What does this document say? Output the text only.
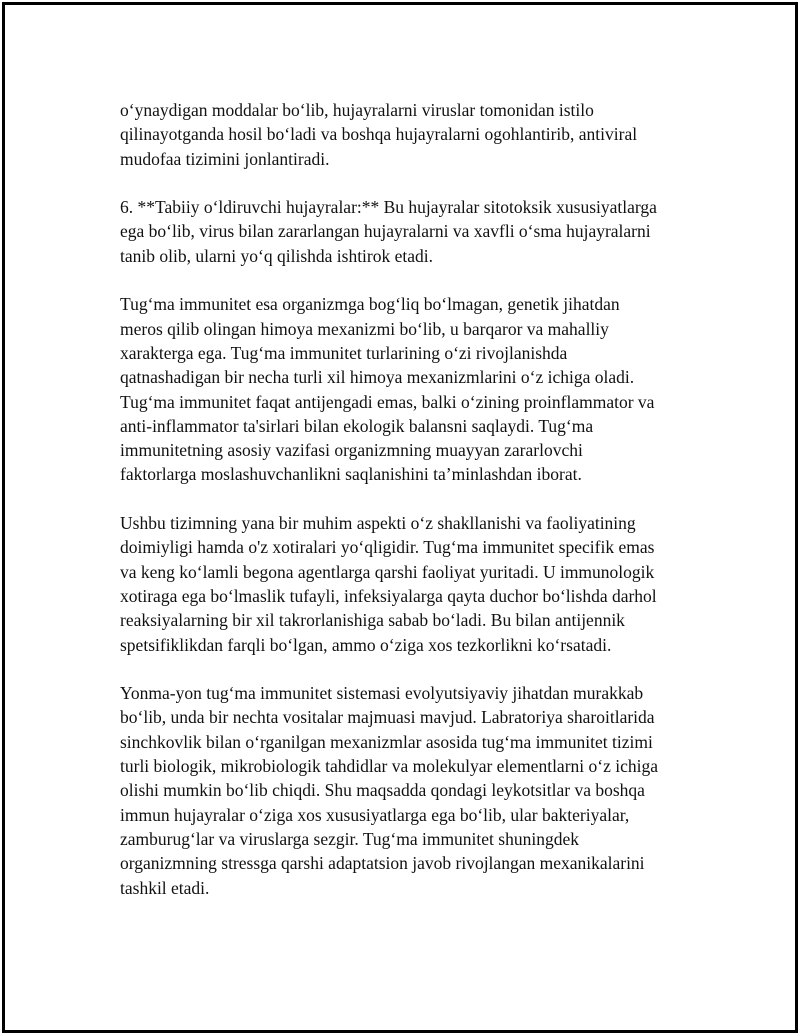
o‘ynaydigan moddalar bo‘lib, hujayralarni viruslar tomonidan istilo
qilinayotganda hosil bo‘ladi va boshqa hujayralarni ogohlantirib, antiviral
mudofaa tizimini jonlantiradi.

6. **Tabiiy o‘ldiruvchi hujayralar:** Bu hujayralar sitotoksik xususiyatlarga
ega bo‘lib, virus bilan zararlangan hujayralarni va xavfli o‘sma hujayralarni
tanib olib, ularni yo‘q qilishda ishtirok etadi.

Tug‘ma immunitet esa organizmga bog‘liq bo‘lmagan, genetik jihatdan
meros qilib olingan himoya mexanizmi bo‘lib, u barqaror va mahalliy
xarakterga ega. Tug‘ma immunitet turlarining o‘zi rivojlanishda
qatnashadigan bir necha turli xil himoya mexanizmlarini o‘z ichiga oladi.
Tug‘ma immunitet faqat antijengadi emas, balki o‘zining proinflammator va
anti-inflammator ta'sirlari bilan ekologik balansni saqlaydi. Tug‘ma
immunitetning asosiy vazifasi organizmning muayyan zararlovchi
faktorlarga moslashuvchanlikni saqlanishini ta’minlashdan iborat.

Ushbu tizimning yana bir muhim aspekti o‘z shakllanishi va faoliyatining
doimiyligi hamda o'z xotiralari yo‘qligidir. Tug‘ma immunitet specifik emas
va keng ko‘lamli begona agentlarga qarshi faoliyat yuritadi. U immunologik
xotiraga ega bo‘lmaslik tufayli, infeksiyalarga qayta duchor bo‘lishda darhol
reaksiyalarning bir xil takrorlanishiga sabab bo‘ladi. Bu bilan antijennik
spetsifiklikdan farqli bo‘lgan, ammo o‘ziga xos tezkorlikni ko‘rsatadi.

Yonma-yon tug‘ma immunitet sistemasi evolyutsiyaviy jihatdan murakkab
bo‘lib, unda bir nechta vositalar majmuasi mavjud. Labratoriya sharoitlarida
sinchkovlik bilan o‘rganilgan mexanizmlar asosida tug‘ma immunitet tizimi
turli biologik, mikrobiologik tahdidlar va molekulyar elementlarni o‘z ichiga
olishi mumkin bo‘lib chiqdi. Shu maqsadda qondagi leykotsitlar va boshqa
immun hujayralar o‘ziga xos xususiyatlarga ega bo‘lib, ular bakteriyalar,
zamburug‘lar va viruslarga sezgir. Tug‘ma immunitet shuningdek
organizmning stressga qarshi adaptatsion javob rivojlangan mexanikalarini
tashkil etadi.
